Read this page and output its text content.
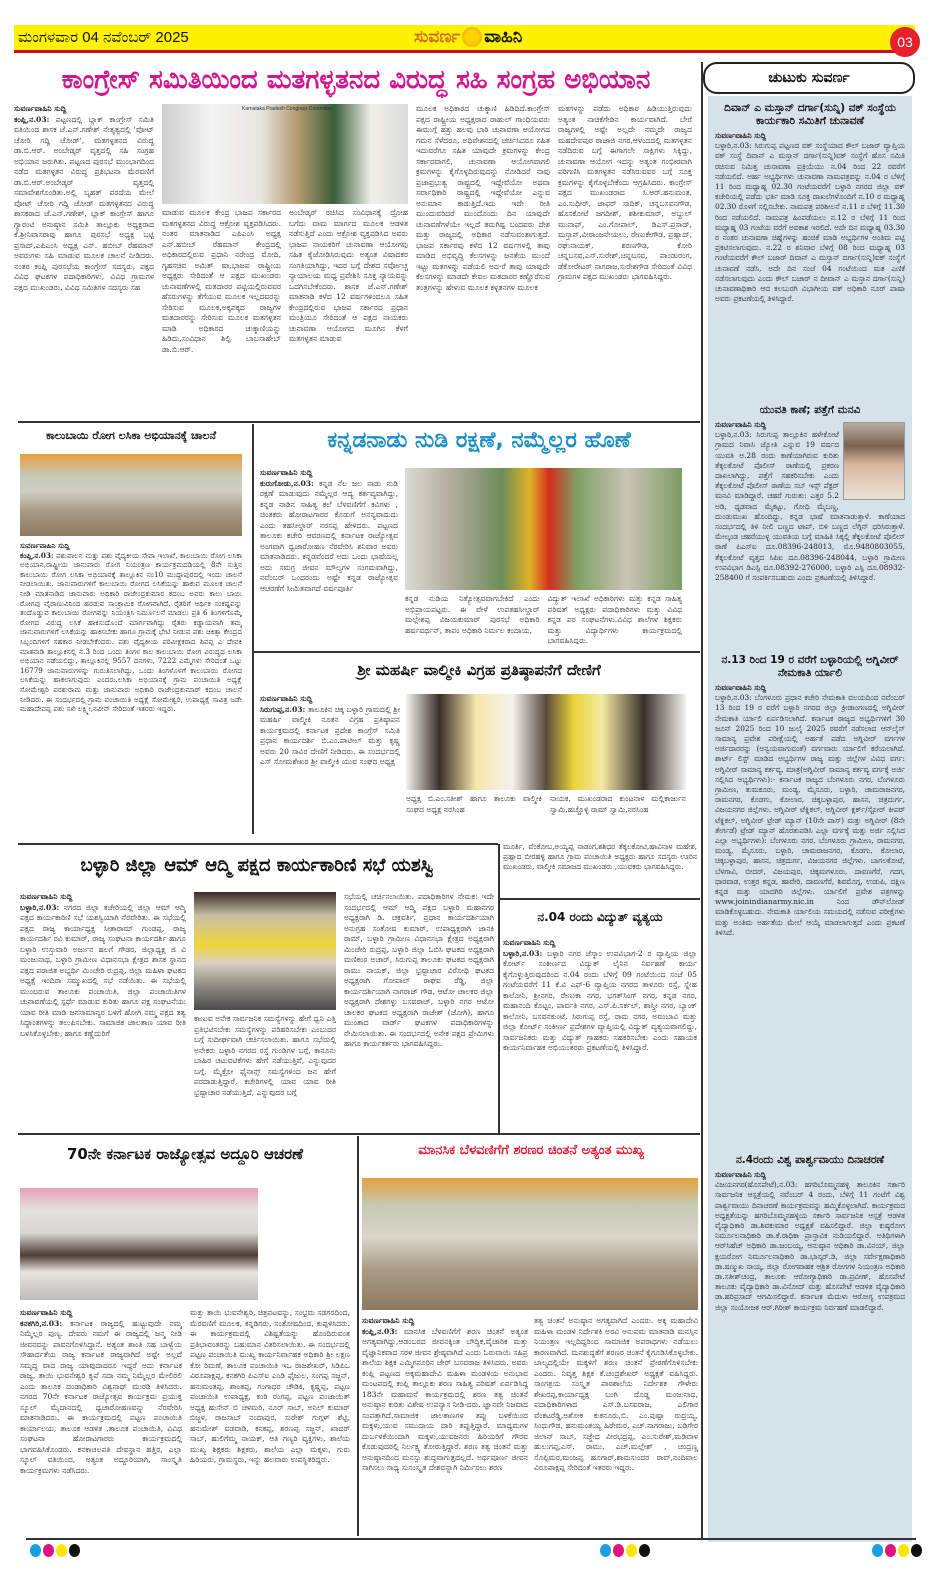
ಮಂಗಳವಾರ 04 ನವೆಂಬರ್ 2025	ಸುವರ್ಣ ವಾಹಿನಿ	03
ಕಾಂಗ್ರೇಸ್ ಸಮಿತಿಯಿಂದ ಮತಗಳ್ಳತನದ ವಿರುದ್ಧ ಸಹಿ ಸಂಗ್ರಹ ಅಭಿಯಾನ
ಸುವರ್ಣವಾಹಿನಿ ಸುದ್ದಿ
ಕಂಪ್ಲಿ,ನ.03: ಪಟ್ಟಣದಲ್ಲಿ ಬ್ಲಾಕ್ ಕಾಂಗ್ರೇಸ್ ಸಮಿತಿ ವತಿಯಿಂದ ಶಾಸಕ ಜೆ.ಎನ್.ಗಣೇಶ್ ನೇತೃತ್ವದಲ್ಲಿ 'ವೋಟ್ ಚೋರಿ ಗದ್ದಿ ಚೋಡ್', ಮತಗಳ್ಳತನದ ವಿರುದ್ಧ ಡಾ.ಬಿ.ಆರ್. ಅಂಬೇಡ್ಕರ್ ವೃತ್ತದಲ್ಲಿ ಸಹಿ ಸಂಗ್ರಹ ಅಭಿಯಾನ ಜರುಗಿತು. ಪಟ್ಟಣದ ಪುರಸಭೆ ಮುಂಭಾಗದಿಂದ ನಡೆದ ಮತಗಳ್ಳತನ ವಿರುದ್ಧ ಪ್ರತಿಭಟನಾ ಮೆರವಣಿಗೆ ಡಾ.ಬಿ.ಆರ್.ಅಂಬೇಡ್ಕರ್ ವೃತ್ತದಲ್ಲಿ ಸಮಾವೇಶಗೊಂಡಿತು.ಅಲ್ಲಿ ಬೃಹತ್ ಪರದೆಯ ಮೇಲೆ ವೋಟ್ ಚೋರಿ ಗದ್ದಿ ಚೋಡ್ ಮತಗಳ್ಳತನದ ವಿರುದ್ಧ ಶಾಸಕರಾದ ಜೆ.ಎನ್.ಗಣೇಶ್, ಬ್ಲಾಕ್ ಕಾಂಗ್ರೇಸ್ ಹಾಗೂ ಗ್ಯಾರಂಟಿ ಅನುಷ್ಠಾನ ಸಮಿತಿ ತಾಲ್ಲೂಕು ಅಧ್ಯಕ್ಷರಾದ ಕೆ.ಶ್ರೀನಿವಾಸರಾವು ಹಾಗೂ ಪುರಸಭೆ ಅಧ್ಯಕ್ಷ ಬಟ್ಟಿ ಪ್ರಸಾದ್,ಎಪಿಎಂಸಿ ಅಧ್ಯಕ್ಷ ಎನ್. ಹಬೀಬ್ ರೆಹಮಾನ್ ಅವರುಗಳು ಸಹಿ ಮಾಡುವ ಮೂಲಕ ಚಾಲನೆ ನೀಡಿದರು. ನಂತರ ಕಂಪ್ಲಿ ಪುರಸಭೆಯ ಕಾಂಗ್ರೇಸ್ ಸದಸ್ಯರು, ಪಕ್ಷದ ವಿವಿಧ ಘಟಕಗಳ ಪದಾಧಿಕಾರಿಗಳು, ವಿವಿಧ ಗ್ರಾಮಗಳ ಪಕ್ಷದ ಮುಖಂಡರು, ವಿವಿಧ ಸಮಿತಿಗಳ ಸದಸ್ಯರು ಸಹ
Karnataka Pradesh Congress Committee
ಮಾಡುವ ಮೂಲಕ ಕೇಂದ್ರ ಭಾಜಪ ಸರ್ಕಾರದ ಮತಗಳ್ಳತನದ ವಿರುದ್ಧ ಆಕ್ರೋಶ ವ್ಯಕ್ತಪಡಿಸಿದರು. ನಂತರ ಮಾತನಾಡಿದ ಎಪಿಎಂಸಿ ಅಧ್ಯಕ್ಷ ಎನ್.ಹಬೀಬ್ ರೆಹಮಾನ್ ಕೇಂದ್ರದಲ್ಲಿ ಅಧಿಕಾರದಲ್ಲಿರುವ ಪ್ರಧಾನಿ ನರೇಂದ್ರ ಮೋದಿ, ಗೃಹಸಚಿವ ಅಮಿತ್ ಷಾ,ಭಾಜಪ ರಾಷ್ಟ್ರೀಯ ಅಧ್ಯಕ್ಷರು ಸೇರಿದಂತೆ ಆ ಪಕ್ಷದ ಮುಖಂಡರು ಚುನಾವಣೆಗಳಲ್ಲಿ ಮತದಾರರ ಪಟ್ಟಿಯಲ್ಲಿರುವವರ ಹೆಸರುಗಳನ್ನು ತೆಗೆಯುವ ಮೂಲಕ ಇಲ್ಲದವರನ್ನು ಸೇರಿಸುವ ಮೂಲಕ,ಅಕ್ಕಪಕ್ಕದ ರಾಜ್ಯಗಳ ಮತದಾರರನ್ನು ಸೇರಿಸುವ ಮೂಲಕ ಮತಗಳ್ಳತನ ಮಾಡಿ ಅಧಿಕಾರದ ಚುಕ್ಕಾಣಿಯನ್ನು ಹಿಡಿದು,ಸಂವಿಧಾನ ಶಿಲ್ಪಿ ಬಾಬಸಾಹೇಬ್ ಡಾ.ಬಿ.ಆರ್.
ಅಂಬೇಡ್ಕರ್ ರಚಿಸಿದ ಸಂವಿಧಾನಕ್ಕೆ ದ್ರೋಹ ಬಗೆದು ವಾಮ ಮಾರ್ಗದ ಮೂಲಕ ಆಡಳಿತ ನಡೆಸುತ್ತಿದೆ ಎಂದು ಆಕ್ರೋಶ ವ್ಯಕ್ತಪಡಿಸಿದ ಅವರು ಭಾಜಪ ನಾಯಕರಿಗೆ ಚುನಾವಣಾ ಆಯೋಗವು ಸಹಿತ ಕೈಜೋಡಿಸಿರುವುದು ಅತ್ಯಂತ ವಿಷಾದಕರ ಸಂಗತಿಯಾಗಿದ್ದು, ಇದರ ಬಗ್ಗೆ ದೇಶದ ಸರ್ವೋಚ್ಚ ನ್ಯಾಯಾಲಯ ಮಧ್ಯ ಪ್ರವೇಶಿಸಿ ಸೂಕ್ತ ನ್ಯಾಯವನ್ನು ಒದಗಿಸಬೇಕೆಂದರು. ಶಾಸಕ ಜೆ.ಎನ್.ಗಣೇಶ್ ಮಾತನಾಡಿ ಕಳೆದ 12 ವರ್ಷಗಳಿಂದಲೂ ಸಹಿತ ಕೇಂದ್ರದಲ್ಲಿರುವ ಭಾಜಪ ಸರ್ಕಾರದ ಪ್ರಧಾನ ಮಂತ್ರಿಯೂ ಸೇರಿದಂತೆ ಆ ಪಕ್ಷದ ನಾಯಕರು ಚುನಾವಣಾ ಆಯೋಗದ ಮೂಗಿನ ಕೆಳಗೆ ಮತಗಳ್ಳತನ ಮಾಡುವ
ಮೂಲಕ ಅಧಿಕಾರದ ಚುಕ್ಕಾಣಿ ಹಿಡಿದಿದೆ.ಕಾಂಗ್ರೇಸ್ ಪಕ್ಷದ ರಾಷ್ಟ್ರೀಯ ಅಧ್ಯಕ್ಷರಾದ ರಾಹುಲ್ ಗಾಂಧಿಯವರು ಈಮುಗ್ಗೆ ಹತ್ತು ಹಲವು ಭಾರಿ ಚುನಾವಣಾ ಆಯೋಗದ ಗಮನ ಸೆಳೆದರೂ, ಅಧಿವೇಶನದಲ್ಲಿ ಚರ್ಚಿಸಿದರೂ ಸಹಿತ ಇದುವರೆಗೂ ಸಹಿತ ಯಾವುದೇ ಕ್ರಮಗಳನ್ನು ಕೇಂದ್ರ ಸರ್ಕಾರವಾಗಲಿ, ಚುನಾವಣಾ ಆಯೋಗವಾಗಲಿ ಕ್ರಮಗಳನ್ನು ಕೈಗೊಳ್ಳದಿರುವುದನ್ನು ನೋಡಿದರೆ ನಾವು ಪ್ರಜಾಪ್ರಭುತ್ವ ರಾಷ್ಟ್ರದಲ್ಲಿ ಇದ್ದೇವೆಯೋ ಅಥವಾ ಸರ್ವಾಧಿಕಾರಿ ರಾಷ್ಟ್ರದಲ್ಲಿ ಇದ್ದೇವೆಯೋ ಎನ್ನುವ ಅನುಮಾನ ಕಾಡುತ್ತಿದೆ.ಇದು ಇದೇ ರೀತಿ ಮುಂದುವರಿದರೆ ಮುಂದೊಂದು ದಿನ ಯಾವುದೇ ಚುನಾವಣೆಗಳೆಯೇ ಇಲ್ಲದೆ ತಮಗಿಷ್ಟ ಬಂದವರು ದೇಶ ಮತ್ತು ರಾಜ್ಯದಲ್ಲಿ ಅಧಿಕಾರ ನಡೆಸುವಂತಾಗುತ್ತದೆ. ಭಾಜಪ ಸರ್ಕಾರವು ಕಳೆದ 12 ವರ್ಷಗಳಲ್ಲಿ ತಾವು ಮಾಡಿದ ಅಭಿವೃದ್ಧಿ ಕೆಲಸಗಳನ್ನು ಜನತೆಯ ಮುಂದೆ ಇಟ್ಟು ಮತಗಳನ್ನು ಪಡೆಯಲಿ ಅದ-ರೆ ತಾವು ಯಾವುದೇ ಕೆಲಸಗಳನ್ನು ಮಾಡದೇ ಕೇವಲ ಮತದಾರರ ಕಣ್ಣೊರೆಸುವ ತಂತ್ರಗಳನ್ನು ಹೇಳುವ ಮೂಲಕ ಕಳ್ಳತನಗಳ ಮೂಲಕ
ಮತಗಳನ್ನು ಪಡೆದು ಅಧಿಕಾರ ಹಿಡಿಯುತ್ತಿರುವುದು ಅತ್ಯಂತ ನಾಚಿಕೆಗೇಡಿನ ಕಾರ್ಯವಾಗಿದೆ. ಬೇರೆ ರಾಜ್ಯಗಳಲ್ಲಿ ಅಷ್ಟೇ ಅಲ್ಲದೇ ನಮ್ಮದೇ ರಾಜ್ಯದ ಮಹದೇವಪುರ ರಾಜಾಜಿ ನಗರ,ಆಳಂದದಲ್ಲಿ ಮತಗಳ್ಳತನ ನಡೆದಿರುವ ಬಗ್ಗೆ ಈಗಾಗಲೇ ಸಾಕ್ಷಿಗಳು ಸಿಕ್ಕಿದ್ದು, ಚುನಾವಣಾ ಆಯೋಗ ಇದನ್ನು ಅತ್ಯಂತ ಗಂಭೀರವಾಗಿ ಪರಿಗಣಿಸಿ ಮತಗಳ್ಳತನ ನಡೆಸಿರುವವರ ಬಗ್ಗೆ ಸೂಕ್ತ ಕ್ರಮಗಳನ್ನು ಕೈಗೊಳ್ಳಬೇಕೆಂದು ಆಗ್ರಹಿಸಿದರು. ಕಾಂಗ್ರೇಸ್ ಪಕ್ಷದ ಮುಖಂಡರಾದ ಸಿ.ಆರ್.ಹನುಮಂತ, ಎಂ.ಸುಧೀರ್, ಜಾಫರ್ ಸಾದಿಕ್, ಚನ್ನಬಸವನಗೌಡ, ಹೊಸಕೋಟೆ ಜಗದೀಶ್, ಶಶೀಕುಮಾರ್, ಅಬ್ದುಲ್ ಮುನಾಫ್, ಎಂ.ಗೋಪಾಲ್, ಡಿಎಸ್.ಪ್ರಸಾದ್, ಮಸ್ತಾನ್,ವೀರಾಂಜನೇಯಲು, ರೇಣುಕೇಗೌಡ, ಪ್ರಹ್ಲಾದ್, ರಘುನಾಯಕ್, ಶರಣಗೌಡ, ಕೋರಿ ಚನ್ನಬಸವ,ಎಸ್.ಸುರೇಶ್,ಚನ್ನಬಸವ, ಪಾಂಡುರಂಗ, ಡೆಕೋರೇಟರ್ ನಾಗರಾಜ,ಸುರೇಶಗೌಡ ಸೇರಿದಂತೆ ವಿವಿಧ ಗ್ರಾಮಗಳ ಪಕ್ಷದ ಮುಖಂಡರು ಭಾಗವಹಿಸಿದ್ದರು.
ಕಾಲುಬಾಯಿ ರೋಗ ಲಸಿಕಾ ಅಭಿಯಾನಕ್ಕೆ ಚಾಲನೆ
ಸುವರ್ಣವಾಹಿನಿ ಸುದ್ದಿ
ಕಂಪ್ಲಿ,ನ.03: ಪಶುಪಾಲನ ಮತ್ತು ಪಶು ವೈದ್ಯಕೀಯ ಸೇವಾ ಇಲಾಖೆ, ಕಾಲುಬಾಯಿ ರೋಗ ಲಸಿಕಾ ಅಭಿಯಾನ,ರಾಷ್ಟ್ರೀಯ ಜಾನುವಾರು ರೋಗ ನಿಯಂತ್ರಣ ಕಾರ್ಯಕ್ರಮದಡಿಯಲ್ಲಿ 8ನೇ ಸುತ್ತಿನ ಕಾಲುಬಾಯಿ ರೋಗ ಲಸಿಕಾ ಅಭಿಯಾನಕ್ಕೆ ತಾಲ್ಲೂಕಿನ ನಂ10 ಮುದ್ದಾಪುರದಲ್ಲಿ ಇಂದು ಚಾಲನೆ ನೀಡಲಾಯಿತು. ಜಾನುವಾರುಗಳಿಗೆ ಕಾಲುಬಾಯಿ ರೋಗದ ಲಸಿಕೆಯನ್ನು ಹಾಕುವ ಮೂಲಕ ಚಾಲನೆ ನೀಡಿ ಮಾತನಾಡಿದ ಜಾನುವಾರು ಅಧಿಕಾರಿ ರಾಜೇಂದ್ರಕುಮಾರ ಕದಂಬ ಅವರು ಕಾಲು ಬಾಯಿ ರೋಗವು ವೈರಾಣುವಿನಿಂದ ಹರಡುವ ಸಾಂಕ್ರಾಮಿಕ ರೋಗವಾಗಿದೆ. ರೈತರಿಗೆ ಆರ್ಥಿಕ ಸಂಕಷ್ಟವನ್ನು ತಂದೊಡ್ಡುವ ಕಾಲುಬಾಯಿ ರೋಗವನ್ನು ನಿಯಂತ್ರಿಸಿ ನಿರ್ಮೂಲನೆ ಮಾಡಲು ಪ್ರತಿ 6 ತಿಂಗಳಿಗೊಮ್ಮೆ ರೋಗದ ವಿರುದ್ಧ ಲಸಿಕೆ ಹಾಕಿಸುದೊಂದೆ ಮಾರ್ಗವಾಗಿದ್ದು ರೈತರು ಕಡ್ಡಾಯವಾಗಿ ತಮ್ಮ ಜಾನುವಾರುಗಳಿಗೆ ಲಸಿಕೆಯನ್ನು ಹಾಕಿಸಬೇಕು ಹಾಗೂ ಗ್ರಾಮಕ್ಕೆ ಭೇಟಿ ನೀಡುವ ಪಶು ಚಿಕಿತ್ಸಾ ಕೇಂದ್ರದ ಸಿಬ್ಬಂದಿಗಳಿಗೆ ಸಹಕಾರ ನೀಡಬೇಕೆಂದರು. ಪಶು ವೈದ್ಯಕೀಯ ಪರಿವೀಕ್ಷಕರಾದ ಶಿವಪ್ಪ ಎ ದೇವಕಿ ಮಾತನಾಡಿ ತಾಲ್ಲೂಕಿನಲ್ಲಿ ನ.3 ರಿಂದ ಒಂದು ತಿಂಗಳ ಕಾಲ ಕಾಲುಬಾಯಿ ರೋಗ ವಿರುದ್ಧದ ಲಸಿಕಾ ಅಭಿಯಾನ ನಡೆಯಲಿದ್ದು, ತಾಲ್ಲೂಕಿನಲ್ಲಿ 9557 ದನಗಳು, 7222 ಎಮ್ಮೆಗಳು ಸೇರಿದಂತೆ ಒಟ್ಟು 16779 ಜಾನುವಾರುಗಳನ್ನು ಗುರುತಿಸಲಾಗಿದ್ದು, ಒಂದು ತಿಂಗಳೊಳಗೆ ಕಾಲುಬಾಯಿ ರೋಗದ ಲಸಿಕೆಯನ್ನು ಹಾಕಲಾಗುವುದು ಎಂದರು.ಲಸಿಕಾ ಅಭಿಯಾನಕ್ಕೆ ಗ್ರಾಮ ಪಂಚಾಯಿತಿ ಅಧ್ಯಕ್ಷೆ ಸೋಮೇಶ್ವರಿ ಪರಶುರಾಮ ಮತ್ತು ಜಾನುವಾರು ಅಧಿಕಾರಿ ರಾಜೇಂದ್ರಕುಮಾರ್ ಕದಂಬ ಚಾಲನೆ ನೀಡಿದರು. ಈ ಸಂದರ್ಭದಲ್ಲಿ ಗ್ರಾಮ ಪಂಚಾಯಿತಿ ಅಧ್ಯಕ್ಷೆ ಸೋಮೇಶ್ವರಿ, ಉಪಾಧ್ಯಕ್ಷೆ ಸಾವಿತ್ರ ಜಡೇ ಮಹಾದೇವಪ್ಪ ಪಶು ಸಖಿ ಲಕ್ಷ್ಮೀ,ನವೀನ್ ಸೇರಿದಂತೆ ಇತರರು ಇದ್ದರು.
ಕನ್ನಡನಾಡು ನುಡಿ ರಕ್ಷಣೆ, ನಮ್ಮೆಲ್ಲರ ಹೊಣೆ
ಸುವರ್ಣವಾಹಿನಿ ಸುದ್ದಿ
ಕುರುಗೋಡು,ನ.03: ಕನ್ನಡ ನೆಲ ಜಲ ನಾಡು ನುಡಿ ರಕ್ಷಣೆ ಮಾಡುವುದು ನಮ್ಮೆಲ್ಲರ ಆದ್ಯ ಕರ್ತವ್ಯವಾಗಿದ್ದು, ಕನ್ನಡ ನಾಡಿನ ಸಾಹಿತ್ಯ ಕಲೆ ಬೆಳವಣಿಗೆಗೆ ಕವಿಗಳು , ಚಿಂತಕರು ಹೋರಾಟಗಾರರ ಕೊಡುಗೆ ಅನನ್ಯವಾದುದು ಎಂದು ತಹಸೀಲ್ದಾರ್ ನರಸಪ್ಪ ಹೇಳಿದರು. ಪಟ್ಟಣದ ತಾಲೂಕು ಕಚೇರಿ ಆವರಣದಲ್ಲಿ ಕರ್ನಾಟಕ ರಾಜ್ಯೋತ್ಸವ ಅಂಗವಾಗಿ ಧ್ವಜಾರೋಹಣ ನೆರವೇರಿಸಿ ಶನಿವಾರ ಅವರು ಮಾತನಾಡಿದರು. ಕನ್ನಡವೆಂದರೆ ಅದು ಒಂದು ಭಾಷೆಯಲ್ಲ ಅದು ಸಮಗ್ರ ಜೀವನ ಮೌಲ್ಯಗಳ ಸಂಗಮವಾಗಿದ್ದು, ನವೆಂಬರ್ ಒಂದರಂದು ಅಷ್ಟೇ ಕನ್ನಡ ರಾಜ್ಯೋತ್ಸವ ಆಚರಣೆಗೆ ಸೀಮಿತವಾಗದೆ ವರ್ಷಪೂರ್ತಿ
ಕನ್ನಡ ನುಡಿಯ ನಿತ್ಯೋತ್ಸವವಾಗಬೇಕಿದೆ ಎಂದು ಅಭಿಪ್ರಾಯಪಟ್ಟರು. ಈ ವೇಳೆ ಉಪತಹಸೀಲ್ದಾರ್ ಮಲ್ಲೇಶಪ್ಪ ವಿಜಯಕುಮಾರ್ ಪುರಸಭೆ ಅಧಿಕಾರಿ ಹರ್ಷವರ್ಧನ್, ತಾಪಂ ಅಧಿಕಾರಿ ನಿರ್ಮಲ ಕಂದಾಯ,
ವಿದ್ಯುತ್ ಇಲಾಖೆ ಅಧಿಕಾರಿಗಳು ಮತ್ತು ಕನ್ನಡ ಸಾಹಿತ್ಯ ಪರಿಷತ್ ಅಧ್ಯಕ್ಷರು ಪದಾಧಿಕಾರಿಗಳು ಮತ್ತು ವಿವಿಧ ಕನ್ನಡ ಪರ ಸಂಘಟನೆಗಳು.ವಿವಿಧ ಶಾಲೆಗಳ ಶಿಕ್ಷಕರು ಮತ್ತು ವಿದ್ಯಾರ್ಥಿಗಳು ಕಾರ್ಯಕ್ರಮದಲ್ಲಿ ಭಾಗವಹಿಸಿದ್ದರು.
ಶ್ರೀ ಮಹರ್ಷಿ ವಾಲ್ಮೀಕಿ ವಿಗ್ರಹ ಪ್ರತಿಷ್ಠಾಪನೆಗೆ ದೇಣಿಗೆ
ಸುವರ್ಣವಾಹಿನಿ ಸುದ್ದಿ
ಸಿರುಗುಪ್ಪ,ನ.03: ತಾಲೂಕಿನ ಚಿಕ್ಕ ಬಳ್ಳಾರಿ ಗ್ರಾಮದಲ್ಲಿ ಶ್ರೀ ಮಹರ್ಷಿ ವಾಲ್ಮೀಕಿ ನೂತನ ವಿಗ್ರಹ ಪ್ರತಿಷ್ಠಾಪನ ಕಾರ್ಯಕ್ರಮದಲ್ಲಿ ಕರ್ನಾಟಕ ಪ್ರದೇಶ ಕಾಂಗ್ರೆಸ್ ಸಮಿತಿ ಪ್ರಧಾನ ಕಾರ್ಯದರ್ಶಿ ಬಿ.ಎಂ.ಪಾಟೀಲ್ ಮತ್ತು ಕೃಷ್ಣ ಅವರು 20 ಸಾವಿರ ದೇಣಿಗೆ ನೀಡಿದರು. ಈ ಸಂದರ್ಭದಲ್ಲಿ ಎಸ್ ಸೋಮಶೇಖರ ಶ್ರೀ ವಾಲ್ಮೀಕಿ ಯುವ ಸಂಘದ ಅಧ್ಯಕ್ಷ
ಅಧ್ಯಕ್ಷ ಬಿ.ಎಂ.ಸತೀಶ್ ಹಾಗೂ ತಾಲೂಕು ವಾಲ್ಮೀಕಿ ಸಂಘದ ಅಧ್ಯಕ್ಷ ನರಸಿಂಹ
ನಾಯಕ, ಮುಖಂಡರಾದ ಕುಂಟನಾಳ ಮಲ್ಲಿಕಾರ್ಜುನ ಸ್ವಾಮಿ,ಹಚ್ಚೊಳ್ಳಿ ರಾಮ್ ಸ್ವಾಮಿ,ನರಸಿಂಹ
ಮೂರ್ತಿ, ವೆಂಕೋಬ,ಅಯ್ಯಪ್ಪ ನಾಡಂಗ,ಶಶಿಧರ ತೆಕ್ಕಲಕೋಟಿ,ಹಾವಿನಾಳ ಮಹೇಶ, ಪ್ರಹ್ಲಾದ ಬೀರಹಳ್ಳಿ ಹಾಗೂ ಗ್ರಾಮ ಪಂಚಾಯಿತಿ ಅಧ್ಯಕ್ಷರು ಹಾಗೂ ಸದಸ್ಯರು ಊರಿನ ಮುಖಂಡರು, ವಾಲ್ಮೀಕಿ ಸಮಾಜದ ಮುಖಂಡರು ,ಯುವಕರು ಭಾಗವಹಿಸಿದ್ದರು.
ಬಳ್ಳಾರಿ ಜಿಲ್ಲಾ ಆಮ್ ಆದ್ಮಿ ಪಕ್ಷದ ಕಾರ್ಯಕಾರಿಣಿ ಸಭೆ ಯಶಸ್ವಿ
ಸುವರ್ಣವಾಹಿನಿ ಸುದ್ದಿ
ಬಳ್ಳಾರಿ,ನ.03: ನಗರದ ಜಿಲ್ಲಾ ಕಚೇರಿಯಲ್ಲಿ ಜಿಲ್ಲಾ ಆಮ್ ಆದ್ಮಿ ಪಕ್ಷದ ಕಾರ್ಯಕಾರಿಣಿ ಸಭೆ ಯಶಸ್ವಿಯಾಗಿ ನೆರವೇರಿತು. ಈ ಸಭೆಯಲ್ಲಿ ಪಕ್ಷದ ರಾಜ್ಯ ಕಾರ್ಯಾಧ್ಯಕ್ಷ ಸೀತಾರಾಮ್ ಗುಂಡಪ್ಪ, ರಾಜ್ಯ ಕಾರ್ಯದರ್ಶಿ ರವಿ ಕುಮಾರ್, ರಾಜ್ಯ ಸಂಘಟನಾ ಕಾರ್ಯದರ್ಶಿ ಹಾಗೂ ಬಳ್ಳಾರಿ ಉಸ್ತುವಾರಿ ಅರ್ಜುನ ಹಲಗೆ ಗೌಡರ, ಜಿಲ್ಲಾಧ್ಯಕ್ಷ ಜಿ ವಿ ಮಂಜುನಾಥ, ಬಳ್ಳಾರಿ ಗ್ರಾಮೀಣ ವಿಧಾನಸಭಾ ಕ್ಷೇತ್ರದ ಶಾಸಕ ಸ್ಥಾನದ ಪಕ್ಷದ ಪರಾಜಿತ ಅಭ್ಯರ್ಥಿ ಮಿಂಚೇರಿ ರುದ್ರಪ್ಪ, ಜಿಲ್ಲಾ ಮಹಿಳಾ ಘಟಕದ ಅಧ್ಯಕ್ಷೆ ಇಂದಿರಾ ಸಮ್ಮುಖದಲ್ಲಿ ಸಭೆ ನಡೆಯಿತು. ಈ ಸಭೆಯಲ್ಲಿ ಮುಂಬರುವ ತಾಲೂಕು ಪಂಚಾಯಿತಿ, ಜಿಲ್ಲಾ ಪಂಚಾಯಿತಿಗಳ ಚುನಾವಣೆಯಲ್ಲಿ ಸ್ಪರ್ಧೆ ಮಾಡುವ ಕುರಿತು ಹಾಗೂ ಪಕ್ಷ ಸಂಘಟನೆಯು ಯಾವ ರೀತಿ ಮಾಡಿ ಜನಸಾಮಾನ್ಯರ ಬಳಿಗೆ ಹೋಗಿ ನಮ್ಮ ಪಕ್ಷದ ತತ್ವ ಸಿದ್ಧಾಂತಗಳನ್ನು ತಲುಪಿಸಬೇಕು. ಸಾಮಾಜಿಕ ಜಾಲತಾಣ ಯಾವ ರೀತಿ ಬಳಸಿಕೊಳ್ಳಬೇಕು, ಹಾಗೂ ಕಣ್ಣೆದುರಿಗೆ
ಕಾಣುವ ಅನೇಕ ಸಾರ್ವಜನಿಕ ಸಮಸ್ಯೆಗಳನ್ನು ಹೇಗೆ ಧ್ವನಿ ಎತ್ತಿ ಪ್ರತಿಭಟಿಸಬೇಕು ಸಮಸ್ಯೆಗಳನ್ನು ಪರಿಹರಿಸಬೇಕು ಎಂಬುದರ ಬಗ್ಗೆ ಸುದೀರ್ಘವಾಗಿ ಚರ್ಚಿಸಲಾಯಿತು. ಹಾಗೂ ಸಭೆಯಲ್ಲಿ ಅನೇಕರು ಬಳ್ಳಾರಿ ನಗರದ ರಸ್ತೆ ಗುಂಡಿಗಳ ಬಗ್ಗೆ, ಕಾನೂನು ಬಾಹಿರ ಚಟುವಟಿಕೆಗಳು ಹೇಗೆ ನಡೆಯುತ್ತಿವೆ, ಎನ್ನುವುದರ ಬಗ್ಗೆ, ಮೈಕ್ರೋ ಫೈನಾನ್ಸ್ ಸಮಸ್ಯೆಗಳಿಂದ ಜನ ಹೇಗೆ ಪರದಾಡುತ್ತಿದ್ದಾರೆ, ಕಚೇರಿಗಳಲ್ಲಿ ಯಾವ ಯಾವ ರೀತಿ ಭ್ರಷ್ಟಾಚಾರ ನಡೆಯುತ್ತಿದೆ, ಎನ್ನುವುದರ ಬಗ್ಗೆ
ಸಭೆಯಲ್ಲಿ ಚರ್ಚಿಸಲಾಯಿತು. ಪದಾಧಿಕಾರಿಗಳ ನೇಮಕ: ಇದೇ ಸಂದರ್ಭದಲ್ಲಿ ಆಮ್ ಆದ್ಮಿ ಪಕ್ಷದ ಬಳ್ಳಾರಿ ಮಹಾನಗರ ಅಧ್ಯಕ್ಷರಾಗಿ ಡಿ. ಚಕ್ರವರ್ತಿ, ಪ್ರಧಾನ ಕಾರ್ಯದರ್ಶಿಯಾಗಿ ಅನುಗ್ರಹ ಸಂತೋಷ ಕುಮಾರ್, ಉಪಾಧ್ಯಕ್ಷರಾಗಿ ಜಾನಕಿ ರಾಮ್, ಬಳ್ಳಾರಿ ಗ್ರಾಮೀಣ ವಿಧಾನಸಭಾ ಕ್ಷೇತ್ರದ ಅಧ್ಯಕ್ಷರಾಗಿ ಮಿಂಚೇರಿ ರುದ್ರಪ್ಪ, ಬಳ್ಳಾರಿ ಜಿಲ್ಲಾ ಓಬಿಸಿ ಘಟಕದ ಅಧ್ಯಕ್ಷರಾಗಿ ಮಣಿಕಂಠ ಅಚಾರ್, ಸಿರುಗುಪ್ಪ ತಾಲೂಕು ಘಟಕದ ಅಧ್ಯಕ್ಷರಾಗಿ ರಾಮು ನಾಯಕ್, ಜಿಲ್ಲಾ ಭ್ರಷ್ಟಾಚಾರ ವಿರೋಧಿ ಘಟಕದ ಅಧ್ಯಕ್ಷರಾಗಿ ಗೋಪಾಲ್ ರಾಘವ ರೆಡ್ಡಿ, ಜಿಲ್ಲಾ ಕಾರ್ಯದರ್ಶಿಯಾಗಿ ನಾಗರಾಜ್ ಗೌಡ, ಆಟೋ ಚಾಲಕರ ಜಿಲ್ಲಾ ಅಧ್ಯಕ್ಷರಾಗಿ ದೇಶಗಳ್ಳು ಬಸವರಾಜ್, ಬಳ್ಳಾರಿ ನಗರ ಆಟೋ ಚಾಲಕರ ಘಟಕದ ಅಧ್ಯಕ್ಷರಾಗಿ ರಾಜೇಶ್ (ಜೋಗಿ), ಹಾಗೂ ಮುಂತಾದ ವಾರ್ಡ್ ಘಟಕಗಳ ಪದಾಧಿಕಾರಿಗಳನ್ನು ನೇಮಿಸಲಾಯಿತು. ಈ ಸಂದರ್ಭದಲ್ಲಿ ಅನೇಕ ಪಕ್ಷದ ಪ್ರೇಮಿಗಳು ಹಾಗೂ ಕಾರ್ಯಕರ್ತರು ಭಾಗವಹಿಸಿದ್ದರು.
ನ.04 ರಂದು ವಿದ್ಯುತ್ ವ್ಯತ್ಯಯ
ಸುವರ್ಣವಾಹಿನಿ ಸುದ್ದಿ
ಬಳ್ಳಾರಿ,ನ.03: ಬಳ್ಳಾರಿ ನಗರ ಜೆಸ್ಕಾಂ ಉಪವಿಭಾಗ-2 ರ ವ್ಯಾಪ್ತಿಯ ಜಿಲ್ಲಾ ಕೋರ್ಟ್ ಸಂಕೀರ್ಣದ ವಿದ್ಯುತ್ ಲೈನಿನ ನಿರ್ವಹಣೆ ಕಾರ್ಯ ಕೈಗೊಳ್ಳುತ್ತಿರುವುದರಿಂದ ನ.04 ರಂದು ಬೆಳಿಗ್ಗೆ 09 ಗಂಟೆಯಿಂದ ಸಂಜೆ 05 ಗಂಟೆಯವರೆಗೆ 11 ಕೆ.ವಿ ಎಫ್-6 ವ್ಯಾಪ್ತಿಯ ನಗರದ ತಾಳೂರು ರಸ್ತೆ, ಸ್ನೇಹ ಕಾಲೋನಿ, ಶ್ರೀನಗರ, ರೇಣುಕಾ ನಗರ, ಭಗತ್‌ಸಿಂಗ್ ನಗರ, ಕನ್ನಡ ನಗರ, ಮಹಾನಂದಿ ಕೊಟ್ಟಂ, ಪಾರ್ವತಿ ನಗರ, ಎಸ್.ಪಿ.ಸರ್ಕಲ್, ಶಾಸ್ತ್ರೀ ನಗರ, ಬ್ಯಾಂಕ್ ಕಾಲೋನಿ, ಬಸವನಕುಂಟೆ, ಸಿರುಗುಪ್ಪ ರಸ್ತೆ, ರಾಮ ನಗರ, ಅವಂಬಾವಿ ಮತ್ತು ಜಿಲ್ಲಾ ಕೋರ್ಟ್ ಸಂಕೀರ್ಣ ಪ್ರದೇಶಗಳ ವ್ಯಾಪ್ತಿಯಲ್ಲಿ ವಿದ್ಯುತ್ ವ್ಯತ್ಯಯವಾಗಲಿದ್ದು, ಸಾರ್ವಜನಿಕರು ಮತ್ತು ವಿದ್ಯುತ್ ಗ್ರಾಹಕರು ಸಹಕರಿಸಬೇಕು ಎಂದು ಸಹಾಯಕ ಕಾರ್ಯನಿರ್ವಾಹಕ ಅಭಿಯಂತರರು ಪ್ರಕಟಣೆಯಲ್ಲಿ ತಿಳಿಸಿದ್ದಾರೆ.
70ನೇ ಕರ್ನಾಟಕ ರಾಜ್ಯೋತ್ಸವ ಅದ್ದೂರಿ ಆಚರಣೆ
ಸುವರ್ಣವಾಹಿನಿ ಸುದ್ದಿ
ಕನಕಗಿರಿ,ನ.03: ಕರ್ನಾಟಕ ರಾಜ್ಯದಲ್ಲಿ ಹುಟ್ಟುವುದೇ ನಮ್ಮ ನಿಮ್ಮೆಲ್ಲರ ಪುಣ್ಯ. ದೇವರು ನಮಗೆ ಈ ರಾಜ್ಯದಲ್ಲಿ ಜನ್ಮ ನೀಡಿ ಜೀವನವನ್ನು ಪಾವನಗೊಳಿಸಿದ್ದಾನೆ. ಅತ್ಯಂತ ಶಾಂತಿ ಸಹ ಬಾಳ್ವೆಯ ಸೌಹಾರ್ದತೆಯ ರಾಜ್ಯ ಕರ್ನಾಟಕ ರಾಜ್ಯವಾಗಿದೆ ಅಷ್ಟೇ ಅಲ್ಲದೆ ಸಮೃದ್ಧ ವಾದ ರಾಜ್ಯ ಯಾವುದಾದರೂ ಇದ್ದರೆ ಅದು ಕರ್ನಾಟಕ ರಾಜ್ಯ, ತಾಯಿ ಭುವನೇಶ್ವರಿ ಕೃಪೆ ಸದಾ ನಮ್ಮ ನಿಮ್ಮೆಲ್ಲರ ಮೇಲಿರಲಿ ಎಂದು ತಾಲೂಕ ದಂಡಾಧಿಕಾರಿ ವಿಶ್ವನಾಥ್ ಮುರಡಿ ತಿಳಿಸಿದರು. ನಗರದ 70ನೇ ಕರ್ನಾಟಕ ರಾಜ್ಯೋತ್ಸವ ಕಾರ್ಯಕ್ರಮ ಪ್ರಯುಕ್ತ ಸ್ಕೂಲ್ ಮೈದಾನದಲ್ಲಿ ಧ್ವಜಾರೋಹಣವನ್ನು ನೆರವೇರಿಸಿ ಮಾತನಾಡಿದರು. ಈ ಕಾರ್ಯಕ್ರಮದಲ್ಲಿ ಪಟ್ಟಣ ಪಂಚಾಯಿತಿ ಕಾರ್ಯಾಲಯ, ತಾಲೂಕ ಆಡಳಿತ ,ತಾಲೂಕ ಪಂಚಾಯಿತಿ, ವಿವಿಧ ಸಂಘಟನಾ ಹೋರಾಟಗಾರರು ಕಾರ್ಯಕ್ರಮದಲ್ಲಿ ಭಾಗವಹಿಸಿಕೊಂಡರು. ಕನಕಾಚಲಪತಿ ದೇವಸ್ಥಾನ ಹತ್ತಿರ, ಎಲ್ಲಾ ಸ್ಕೂಲ್ ವತಿಯಿಂದ, ಅತ್ಯಂತ ಅದ್ದೂರಿಯಾಗಿ, ಸಾಂಸ್ಕೃತಿ ಕಾರ್ಯಕ್ರಮಗಳು ನಡೆಸಿದರು.
ಮತ್ತು ತಾಯಿ ಭುವನೇಶ್ವರಿ, ಚಿತ್ರಪಟವನ್ನು, ಸಂಭ್ರಮ ಸಡಗರದಿಂದ, ಮೆರವಣಿಗೆ ಮೂಲಕ, ಕನ್ನಡಿಗರು, ಸಂತೋಷದಿಂದ, ಕುಪ್ಪಳಿಸಿದರು. ಈ ಕಾರ್ಯಕ್ರಮದಲ್ಲಿ ವಿಶಿಷ್ಟತೆಯನ್ನು ಹೊಂದಿರುವಂತ ಪ್ರತಿಭಾವಂತರನ್ನು ಬಹುಮಾನ ವಿತರಿಸಲಾಯಿತು. ಈ ಸಂದರ್ಭದಲ್ಲಿ ಪಟ್ಟಣ ಪಂಚಾಯಿತಿ ಮುಖ್ಯ ಕಾರ್ಯನಿರ್ವಾಹಕ ಅಧಿಕಾರಿ ಶ್ರೀ ಲಕ್ಷಣ ಕೋ ರಿಮಣೆ, ತಾಲೂಕ ಪಂಚಾಯಿತಿ ಇಒ ರಾಜಶೇಖರ್, ಸಿಡಿಪಿಒ ವಿರೂಪಾಕ್ಷಪ್ಪ, ಕನಕಗಿರಿ ಪಿಎಸ್ಐ ಎಂಡಿ ಫೈಜುಲ, ಸಂಗಪ್ಪ ಸಜ್ಜನ್, ಹನುಮಂತಪ್ಪ, ಶಾಂತಪ್ಪ, ಗಂಗಾಧರ ಚೌಡಿಕಿ, ಕೃಷ್ಣಪ್ಪ, ಪಟ್ಟಣ ಪಂಚಾಯಿತಿ ಉಪಾಧ್ಯಕ್ಷ, ಕಂಠಿ ರಂಗಪ್ಪ, ಪಟ್ಟಣ ಪಂಚಾಯಿತ್ ಅಧ್ಯಕ್ಷ ಹುಸೇನ್ ಬಿ ಚಳಮರಿ, ನೂರ್ ಸಾಬ್, ಅನಿಲ್ ಕುಮಾರ್ ಬಿಜ್ಜಳ, ರಾಜಸಾಬ್ ನಂದಾಪುರ, ಸುರೇಶ್ ಗುಗ್ಗಳ್ ಶೆಟ್ಟಿ, ಹನುಮೇಶ್ ವಡವಾಡಿ, ಕನಕಪ್ಪ, ಶರಣಪ್ಪ ಸಜ್ಜನ್, ಖಾದರ್ ಸಾಬ್, ಹುಲಿಗೆಮ್ಮ ನಾಯಕ್, ಆತಿ ಗಣ್ಯರಿ ವ್ಯಕ್ತಿಗಳು, ಶಾಲೆಯ ಮುಖ್ಯ ಶಿಕ್ಷಕರು ಶಿಕ್ಷಕರು, ಶಾಲೆಯ ಎಲ್ಲಾ ಮಕ್ಕಳು, ಗುರು ಹಿರಿಯರು, ಗ್ರಾಮಸ್ಥರು, ಇನ್ನು ಹಲವಾರು ಉಪಸ್ಥಿತರಿದ್ದರು.
ಮಾನಸಿಕ ಬೆಳವಣಿಗೆಗೆ ಶರಣರ ಚಿಂತನೆ ಅತ್ಯಂತ ಮುಖ್ಯ
ಸುವರ್ಣವಾಹಿನಿ ಸುದ್ದಿ
ಕಂಪ್ಲಿ,ನ.03: ಮಾನಸಿಕ ಬೆಳವಣಿಗೆಗೆ ಶರಣ ಚಿಂತನೆ ಅತ್ಯಂತ ಅಗತ್ಯವಾಗಿದ್ದು,ಆಡಂಬರದ ಜೀವನಕ್ಕಿಂತ ಬೌದ್ಧಿಕ,ವೈಚಾರಿಕ ಮತ್ತು ವೈಜ್ಞಾನಿಕವಾದ ಸರಳ ಜೀವನ ಶ್ರೇಷ್ಠವಾಗಿದೆ ಎಂದು ಓರುವಾಯಿ ಸಹಿಪ್ರ ಶಾಲೆಯ ಶಿಕ್ಷಕ ಎಮ್ಮಿಗನೂರಿನ ಜೇರ್ ಬಸವರಾಜ ತಿಳಿಸಿದರು. ಅವರು ಕಂಪ್ಲಿ ಪಟ್ಟಣದ ಅಕ್ಕಮಹಾದೇವಿ ಮಹಿಳಾ ಮಂಡಳಿಯ ಅನುಭಾವ ಮಂಟಪದಲ್ಲಿ ಕಂಪ್ಲಿ ತಾಲ್ಲೂಕು ಶರಣ ಸಾಹಿತ್ಯ ಪರಿಷತ್ ಏರ್ಪಡಿಸಿದ್ದ 183ನೇ ಮಹಾಮನೆ ಕಾರ್ಯಕ್ರಮದಲ್ಲಿ ಶರಣ ತತ್ವ ಚಿಂತನೆ ಅನುಷ್ಠಾನ ಕುರಿತು ವಿಶೇಷ ಉಪನ್ಯಾಸ ನೀಡಿ-ದರು. ಜ್ಞಾನವೇ ನಿಜವಾದ ಸಂಪತ್ತಾಗಿದೆ.ಸಾಮಾಜಿಕ ಜಾಲತಾಣಗಳ ತಪ್ಪು ಬಳಕೆಯಿಂದ ಮಕ್ಕಳು,ಯುವ ಸಮುದಾಯ ದಾರಿ ತಪ್ಪುತ್ತಿದ್ದಾರೆ. ಮಾಧ್ಯಮಗಳ ದುರ್ಬಳಕೆಯಿಂದಾಗಿ ಮಕ್ಕಳು,ಯುವಜನರು ಹಿರಿಯರಿಗೆ ಗೌರವ ಕೊಡುವುದರಲ್ಲಿ ನಿರ್ಲಕ್ಷ್ಯ ತೋರುತ್ತಿದ್ದಾರೆ. ಶರಣ ತತ್ವ ಚಿಂತನೆ ಮತ್ತು ಅನುಷ್ಠಾನದಿಂದ ಮನಸ್ಸು ಶುದ್ಧವಾಗುತ್ತದಲ್ಲದೆ. ಅರ್ಥಪೂರ್ಣ ಜೀವನ ಸಾಗಿಸಲು ಸಾಧ್ಯ ಸುಸಂಸ್ಕೃತ ದೇಶವನ್ನಾಗಿ ನಿರ್ಮಿಸಲು ಶರಣ
ತತ್ವ ಚಿಂತನೆ ಅನುಷ್ಠಾನ ಅಗತ್ಯವಾಗಿದೆ ಎಂದರು. ಅಕ್ಕ ಮಹಾದೇವಿ ಮಹಿಳಾ ಮಂಡಳಿ ನಿರ್ದೇಶಕಿ ಅರವಿ ಅನುಪಮ ಮಾತನಾಡಿ ಮನಸ್ಸಿನ ನಿಯಂತ್ರಣ ಇಲ್ಲದಿದ್ದರಿಂದ ಸಾಮಾಜಿಕ ಅಪರಾಧಗಳು ನಡೆಯಲು ಕಾರಣವಾಗಿದೆ. ಮನಶುದ್ಧತೆಗೆ ಶರಣರ ಚಿಂತನೆ ಕೈಗೂಡಿಸಿಕೊಳ್ಳಬೇಕು. ಬಾಲ್ಯದಲ್ಲಿಯೇ ಮಕ್ಕಳಿಗೆ ಶರಣ ಚಿಂತನೆ ಪ್ರೇರಣೆಗೊಳಿಸಬೇಕು ಎಂದರು. ನಿವೃತ್ತ ಶಿಕ್ಷಕ ಕೆ.ಚಂದ್ರಶೇಖರ್ ಅಧ್ಯಕ್ಷತೆ ವಹಿಸಿದ್ದರು. ಸಾಂಗತ್ರಯ ಸಂಸ್ಕೃತ ಪಾಠಶಾಲೆಯ ನಿರ್ದೇಶಕ ಗೌಳೇರು ಶೇಖರಪ್ಪ,ಕಾರ್ಯಾಧ್ಯಕ್ಷ ಬಂಗಿ ದೊಡ್ಡ ಮಂಜುನಾಥ, ಪದಾಧಿಕಾರಿಗಳಾದ ಎಸ್.ಡಿ.ಬಸವರಾಜ, ಎಲಿಗಾರ ವೆಂಕಟರೆಡ್ಡಿ,ಅಶೋಕ ಕುಕನೂರು,ಬಿ. ಎಂ.ಪುಷ್ಪಾ ರುದ್ರಯ್ಯ, ಸಿಂಧುಗೌಡ, ಹನುಮಂತಯ್ಯ ಹಿರೇಮಠ, ಎಚ್.ನಾಗರಾಜು, ಬಡಿಗೇರ ಜಿಲಾನ್ ಸಾಬ್, ಸಜ್ಜೇದ ವೀರಭದ್ರಪ್ಪ, ಎಂ.ಸುರೇಶ್,ಮಡಿವಾಳ ಹುಲುಗಪ್ಪ,ಎಸ್. ರಾಮು, ಎಚ್.ಮಲ್ಲೇಶ್ , ಚಂದ್ರಣ್ಣ ಸೊಪ್ಪಿಮಠ,ಮಂಜಪ್ಪ ಹೂಗಾರ್,ಶಾಮಸುಂದರ ರಾವ್,ನಂದಿವಾಲ ವಿರೂಪಾಕ್ಷಪ್ಪ ಸೇರಿದಂತೆ ಇತರರು ಇದ್ದರು.
ಚುಟುಕು ಸುವರ್ಣ
ದಿವಾನ್ ಎ ಮಸ್ತಾನ್ ದರ್ಗಾ(ಸುನ್ನಿ) ವಕ್ ಸಂಸ್ಥೆಯ ಕಾರ್ಯಕಾರಿ ಸಮಿತಿಗೆ ಚುನಾವಣೆ
ಸುವರ್ಣವಾಹಿನಿ ಸುದ್ದಿ
ಬಳ್ಳಾರಿ,ನ.03: ಸಿರುಗುಪ್ಪ ಪಟ್ಟಣದ ವಕ್ ಸಂಸ್ಥೆಯಾದ ಕೌಲ್ ಬಜಾರ್ ವ್ಯಾಪ್ತಿಯ ವಕ್ ಸಂಸ್ಥೆ ದಿವಾನ್ ಎ ಮಸ್ತಾನ್ ದರ್ಗಾ(ಸುನ್ನಿ)ವಕ್ ಸಂಸ್ಥೆಗೆ ಹೊಸ ಸಮಿತಿ ರಚಿಸುವ ನಿಮಿತ್ತ ಚುನಾವಣಾ ಪ್ರಕ್ರಿಯೆಯು ನ.04 ರಿಂದ 22 ರವರೆಗೆ ನಡೆಯಲಿದೆ. ಅರ್ಹ ಅಭ್ಯರ್ಥಿಗಳು ಚುನಾವಣಾ ನಾಮಪತ್ರವನ್ನು ನ.04 ರ ಬೆಳಿಗ್ಗೆ 11 ರಿಂದ ಮಧ್ಯಾಹ್ನ 02.30 ಗಂಟೆಯವರೆಗೆ ಬಳ್ಳಾರಿ ನಗರದ ಜಿಲ್ಲಾ ವಕ್ ಕಚೇರಿಯಲ್ಲಿ ಪಡೆದು ಭರ್ತಿ ಮಾಡಿ ಸೂಕ್ತ ದಾಖಲೆಗಳೊಂದಿಗೆ ನ.10 ರ ಮಧ್ಯಾಹ್ನ 02.30 ರೊಳಗೆ ಸಲ್ಲಿಸಬೇಕು. ನಾಮಪತ್ರ ಪರಿಶೀಲನೆ ನ.11 ರ ಬೆಳಿಗ್ಗೆ 11.30 ರಿಂದ ನಡೆಯಲಿದೆ. ನಾಮಪತ್ರ ಹಿಂಪಡೆಯಲು ನ.12 ರ ಬೆಳಿಗ್ಗೆ 11 ರಿಂದ ಮಧ್ಯಾಹ್ನ 03 ಗಂಟೆಯ ವರೆಗೆ ಅವಕಾಶ ಇರಲಿದೆ. ಅದೇ ದಿನ ಮಧ್ಯಾಹ್ನ 03.30 ರ ನಂತರ ಚುನಾವಣಾ ಚಿಹ್ನೆಗಳನ್ನು ಹಂಚಿಕೆ ಮಾಡಿ ಅಭ್ಯರ್ಥಿಗಳ ಅಂತಿಮ ಪಟ್ಟಿ ಪ್ರಕಟಿಸಲಾಗುವುದು. ನ.22 ರ ಶನಿವಾರ ಬೆಳಿಗ್ಗೆ 08 ರಿಂದ ಮಧ್ಯಾಹ್ನ 03 ಗಂಟೆಯವರೆಗೆ ಕೌಲ್ ಬಜಾರ್ ದಿವಾನ್ ಎ ಮಸ್ತಾನ್ ದರ್ಗಾ(ಸುನ್ನಿ)ವಕ್ ಸಂಸ್ಥೆಗೆ ಚುನಾವಣೆ ನಡೆಸಿ, ಅದೇ ದಿನ ಸಂಜೆ 04 ಗಂಟೆಯಿಂದ ಮತ ಎಣಿಕೆ ನಡೆಸಲಾಗುವುದು ಎಂದು ಕೌಲ್ ಬಜಾರ್ ನ ದೀವಾನ್ ಎ ಮಸ್ತಾನ ದರ್ಗಾ(ಸುನ್ನಿ) ಚುನಾವಣಾಧಿಕಾರಿ ಆದ ಕಲಬುರಗಿ ವಿಭಾಗೀಯ ವಕ್ ಅಧಿಕಾರಿ ನೂರ್ ಪಾಷಾ ಅವರು ಪ್ರಕಟಣೆಯಲ್ಲಿ ತಿಳಿಸಿದ್ದಾರೆ.
ಯುವತಿ ಕಾಣೆ; ಪತ್ತೆಗೆ ಮನವಿ
ಸುವರ್ಣವಾಹಿನಿ ಸುದ್ದಿ
ಬಳ್ಳಾರಿ,ನ.03: ಸಿರುಗುಪ್ಪ ತಾಲ್ಲೂಕಿನ ಹಳೇಕೋಟೆ ಗ್ರಾಮದ ನಿವಾಸಿ ಜ್ಯೋತಿ ಎನ್ನುವ 19 ವರ್ಷದ ಯುವತಿ ಅ.28 ರಂದು ಕಾಣೆಯಾಗಿರುವ ಕುರಿತು ತೆಕ್ಕಲಕೋಟೆ ಪೊಲೀಸ್ ಠಾಣೆಯಲ್ಲಿ ಪ್ರಕರಣ ದಾಖಲಾಗಿದ್ದು, ಪತ್ತೆಗೆ ಸಹಕರಿಸಬೇಕು ಎಂದು ತೆಕ್ಕಲಕೋಟೆ ಪೊಲೀಸ್ ಠಾಣೆಯ ಸಬ್ ಇನ್ಸ್ ಪೆಕ್ಟರ್ ಮನವಿ ಮಾಡಿದ್ದಾರೆ. ಚಹರೆ ಗುರುತು: ಎತ್ತರ 5.2 ಅಡಿ, ಧೃಡವಾದ ಮೈಕಟ್ಟು, ಗೋಧಿ ಮೈಬಣ್ಣ, ದುಂಡುಮುಖ ಹೊಂದಿದ್ದು, ಕನ್ನಡ ಭಾಷೆ ಮಾತನಾಡುತ್ತಾಳೆ. ಕಾಣೆಯಾದ ಸಂದರ್ಭದಲ್ಲಿ ತಿಳಿ ನೀಲಿ ಬಣ್ಣದ ಟಾಪ್, ಬಿಳಿ ಬಣ್ಣದ ಲೆಗ್ಗಿನ್ ಧರಿಸಿರುತ್ತಾಳೆ. ಮೇಲ್ಕಂಡ ಚಹರೆಯುಳ್ಳ ಯುವತಿಯ ಬಗ್ಗೆ ಮಾಹಿತಿ ಸಿಕ್ಕಲ್ಲಿ ತೆಕ್ಕಲಕೋಟೆ ಪೊಲೀಸ್ ಠಾಣೆ ಪಿಎಸ್ಐ ದೂ.08396-248013, ಮೊ.9480803055, ತೆಕ್ಕಲಕೋಟೆ ವೃತ್ತದ ಸಿಪಿಐ ದೂ.08396-248044, ಬಳ್ಳಾರಿ ಗ್ರಾಮೀಣ ಉಪವಿಭಾಗ ಡಿಎಸ್ಪಿ ದೂ.08392-276000, ಬಳ್ಳಾರಿ ಎಸ್ಪಿ ದೂ.08932-258400 ಗೆ ಸಂಪರ್ಕಿಸಬಹುದು ಎಂದು ಪ್ರಕಟಣೆಯಲ್ಲಿ ತಿಳಿಸಿದ್ದಾರೆ.
ನ.13 ರಿಂದ 19 ರ ವರೆಗೆ ಬಳ್ಳಾರಿಯಲ್ಲಿ ಅಗ್ನಿವೀರ್ ನೇಮಕಾತಿ ರ್ಯಾಲಿ
ಸುವರ್ಣವಾಹಿನಿ ಸುದ್ದಿ
ಬಳ್ಳಾರಿ,ನ.03: ಬೆಂಗಳೂರು ಪ್ರಧಾನ ಕಚೇರಿ ನೇಮಕಾತಿ ವಲಯದಿಂದ ನವೆಂಬರ್ 13 ರಿಂದ 19 ರ ವರೆಗೆ ಬಳ್ಳಾರಿ ನಗರದ ಜಿಲ್ಲಾ ಕ್ರೀಡಾಂಗಣದಲ್ಲಿ ಅಗ್ನಿವೀರ್ ನೇಮಕಾತಿ ರ್ಯಾಲಿ ಏರ್ಪಡಿಸಲಾಗಿದೆ. ಕರ್ನಾಟಕ ರಾಜ್ಯದ ಅಭ್ಯರ್ಥಿಗಳಿಗೆ 30 ಜೂನ್ 2025 ರಿಂದ 10 ಜುಲೈ 2025 ರವರೆಗೆ ನಡೆಸಲಾದ ಆನ್‌ಲೈನ್ ಸಾಮಾನ್ಯ ಪ್ರವೇಶ ಪರೀಕ್ಷೆಯಲ್ಲಿ ಅರ್ಹತೆ ಪಡೆದ ಅಗ್ನಿವೀರ್ ವರ್ಗಗಳ ಅರ್ಜಿದಾರರನ್ನು (ಅನ್ವಯವಾಗುವಂತೆ) ವರ್ಗವಾರು ರ್ಯಾಲಿಗೆ ಕರೆಯಲಾಗಿದೆ. ಶಾರ್ಟ್ ಲಿಸ್ಟ್ ಮಾಡಿದ ಅಭ್ಯರ್ಥಿಗಳ ರಾಜ್ಯ ಮತ್ತು ಜಿಲ್ಲೆಗಳ ವಿವಿಧ ವರ್ಗ: ಅಗ್ನಿವೀರ್ ಸಾಮಾನ್ಯ ಕರ್ತವ್ಯ, ಮಾತ್ರ(ಅಗ್ನಿವೀರ್ ಸಾಮಾನ್ಯ ಕರ್ತವ್ಯ ವರ್ಗಕ್ಕೆ ಅರ್ಜಿ ಸಲ್ಲಿಸಿದ ಅಭ್ಯರ್ಥಿಗಳು):- ಕರ್ನಾಟಕ ರಾಜ್ಯದ ಬೆಂಗಳೂರು ನಗರ, ಬೆಂಗಳೂರು ಗ್ರಾಮೀಣ, ತುಮಕೂರು, ಮಂಡ್ಯ, ಮೈಸೂರು, ಬಳ್ಳಾರಿ, ಚಾಮರಾಜನಗರ, ರಾಮನಗರ, ಕೊಡಗು, ಕೋಲಾರ, ಚಿಕ್ಕಬಳ್ಳಾಪುರ, ಹಾಸನ, ಚಿತ್ರದುರ್ಗ, ವಿಜಯನಗರ ಜಿಲ್ಲೆಗಳು. ಅಗ್ನಿವೀರ್ ಟೆಕ್ನಿಕಲ್, ಅಗ್ನಿವೀರ್ ಕ್ಲರ್ಕ್/ಸ್ಟೋರ್ ಕೀಪರ್ ಟೆಕ್ನಿಕಲ್, ಅಗ್ನಿವೀರ್ ಟ್ರೇಡ್ ಮ್ಯಾನ್ (10ನೇ ಪಾಸ್) ಮತ್ತು ಅಗ್ನಿವೀರ್ (8ನೇ ತೇರ್ಗಡೆ) ಟ್ರೇಡ್ ಮ್ಯಾನ್ ಹೊರತುಪಡಿಸಿ ಎಲ್ಲಾ ವರ್ಗಕ್ಕೆ ಮತ್ತು ಅರ್ಜಿ ಸಲ್ಲಿಸಿದ ಎಲ್ಲಾ ಅಭ್ಯರ್ಥಿಗಳು): ಬೆಂಗಳೂರು ನಗರ, ಬೆಂಗಳೂರು ಗ್ರಾಮೀಣ, ರಾಮನಗರ, ಮಂಡ್ಯ, ಮೈಸೂರು, ಬಳ್ಳಾರಿ, ಚಾಮರಾಜನಗರ, ಕೊಡಗು, ಕೋಲಾರ, ಚಿಕ್ಕಬಳ್ಳಾಪುರ, ಹಾಸನ, ಚಿತ್ರದುರ್ಗ, ವಿಜಯನಗರ ಜಿಲ್ಲೆಗಳು. ಬಾಗಲಕೋಟೆ, ಬೆಳಗಾವಿ, ಬೀದರ್, ವಿಜಯಪುರ, ಚಿಕ್ಕಮಗಳೂರು, ದಾವಣಗೆರೆ, ಗದಗ, ಧಾರವಾಡ, ಉತ್ತರ ಕನ್ನಡ, ಹಾವೇರಿ, ದಾವಣಗೆರೆ, ಶಿವಮೊಗ್ಗ, ಉಡುಪಿ, ದಕ್ಷಿಣ ಕನ್ನಡ ಮತ್ತು ಯಾದಗಿರಿ ಜಿಲ್ಲೆಗಳು. ರ್ಯಾಲಿಗೆ ಪ್ರವೇಶ ಪತ್ರಗಳನ್ನು www.joinindianarmy.nic.in ನಿಂದ ಡೌನ್‌ಲೋಡ್ ಮಾಡಿಕೊಳ್ಳಬಹುದು. ನೇಮಕಾತಿ ರ್ಯಾಲಿಯ ಸಮಯದಲ್ಲಿ ನಡೆಸುವ ಪರೀಕ್ಷೆಗಳು ಮತ್ತು ಅಂತಿಮ ಅರ್ಹತೆಯ ಮೇಲೆ ಆಯ್ಕೆ ಮಾಡಲಾಗುತ್ತದೆ ಎಂದು ಪ್ರಕಟಣೆ ತಿಳಿಸಿದೆ.
ನ.4ರಂದು ವಿಶ್ವ ಪಾರ್ಶ್ವವಾಯು ದಿನಾಚರಣೆ
ಸುವರ್ಣವಾಹಿನಿ ಸುದ್ದಿ
ವಿಜಯನಗರ(ಹೊಸಪೇಟೆ),ನ.03: ಹಗರಿಬೊಮ್ಮನಹಳ್ಳಿ ತಾಲೂಕಿನ ಸರ್ಕಾರಿ ಸಾರ್ವಜನಿಕ ಆಸ್ಪತ್ರೆಯಲ್ಲಿ ನವೆಂಬರ್ 4 ರಂದು, ಬೆಳಿಗ್ಗೆ 11 ಗಂಟೆಗೆ ವಿಶ್ವ ಪಾರ್ಶ್ವವಾಯು ದಿನಾಚರಣೆ ಕಾರ್ಯಕ್ರಮವನ್ನು ಹಮ್ಮಿಕೊಳ್ಳಲಾಗಿದೆ. ಕಾರ್ಯಕ್ರಮದ ಅಧ್ಯಕ್ಷತೆಯನ್ನು ಹಗರಿಬೊಮ್ಮನಹಳ್ಳಿಯ ಸರ್ಕಾರಿ ಸಾರ್ವಜನಿಕ ಆಸ್ಪತ್ರೆ ಆಡಳಿತ ವೈದ್ಯಾಧಿಕಾರಿ ಡಾ.ಶಿವಕುಮಾರ ಅಧ್ಯಕ್ಷತೆ ವಹಿಸಲಿದ್ದಾರೆ. ಜಿಲ್ಲಾ ಕುಷ್ಠರೋಗ ನಿರ್ಮೂಲನಾಧಿಕಾರಿ ಡಾ.ಕೆ.ರಾಧಿಕಾ ಪ್ರಾಸ್ತಾವಿಕ ನುಡಿಯಲಿದ್ದಾರೆ. ಅತಿಥಿಗಳಾಗಿ ಆರ್‌ಸಿಹೆಚ್ ಅಧಿಕಾರಿ ಡಾ.ಜಂಬಯ್ಯ, ಅನುಷ್ಠಾನ ಅಧಿಕಾರಿ ಡಾ.ವಿನಯ್, ಜಿಲ್ಲಾ ಕ್ಷಯರೋಗ ನಿರ್ಮೂಲನಾಧಿಕಾರಿ ಡಾ.ಭಾಸ್ಕರ್.ಡಿ, ಜಿಲ್ಲಾ ಸರ್ವೇಕ್ಷಣಾಧಿಕಾರಿ ಡಾ.ಷಣ್ಮುಖ ನಾಯ್ಕ, ಜಿಲ್ಲಾ ರೋಗವಾಹಕ ಆಶ್ರಿತ ರೋಗಗಳ ನಿಯಂತ್ರಣ ಅಧಿಕಾರಿ ಡಾ.ಸತೀಶ್‌ಚಂದ್ರ, ತಾಲೂಕು ಆರೋಗ್ಯಾಧಿಕಾರಿ ಡಾ.ಪ್ರವೀಣ್, ಹೊಸಪೇಟೆ ತಾಲೂಕು ವೈದ್ಯಾಧಿಕಾರಿ ಡಾ.ವಿನೋದ್ ಮತ್ತು ಹೊಸಪೇಟೆ ಆಡಳಿತ ವೈದ್ಯಾಧಿಕಾರಿ ಡಾ.ಹರಿಪ್ರಸಾದ್ ಆಗಮಿಸಲಿದ್ದಾರೆ. ಕರ್ನಾಟಕ ಮೆದುಳು ಆರೋಗ್ಯ ಉಪಕ್ರಮದ ಜಿಲ್ಲಾ ಸಂಯೋಜಕ ಆರ್.ಗಿರೀಶ್ ಕಾರ್ಯಕ್ರಮ ನಿರ್ವಹಣೆ ಮಾಡಲಿದ್ದಾರೆ.
